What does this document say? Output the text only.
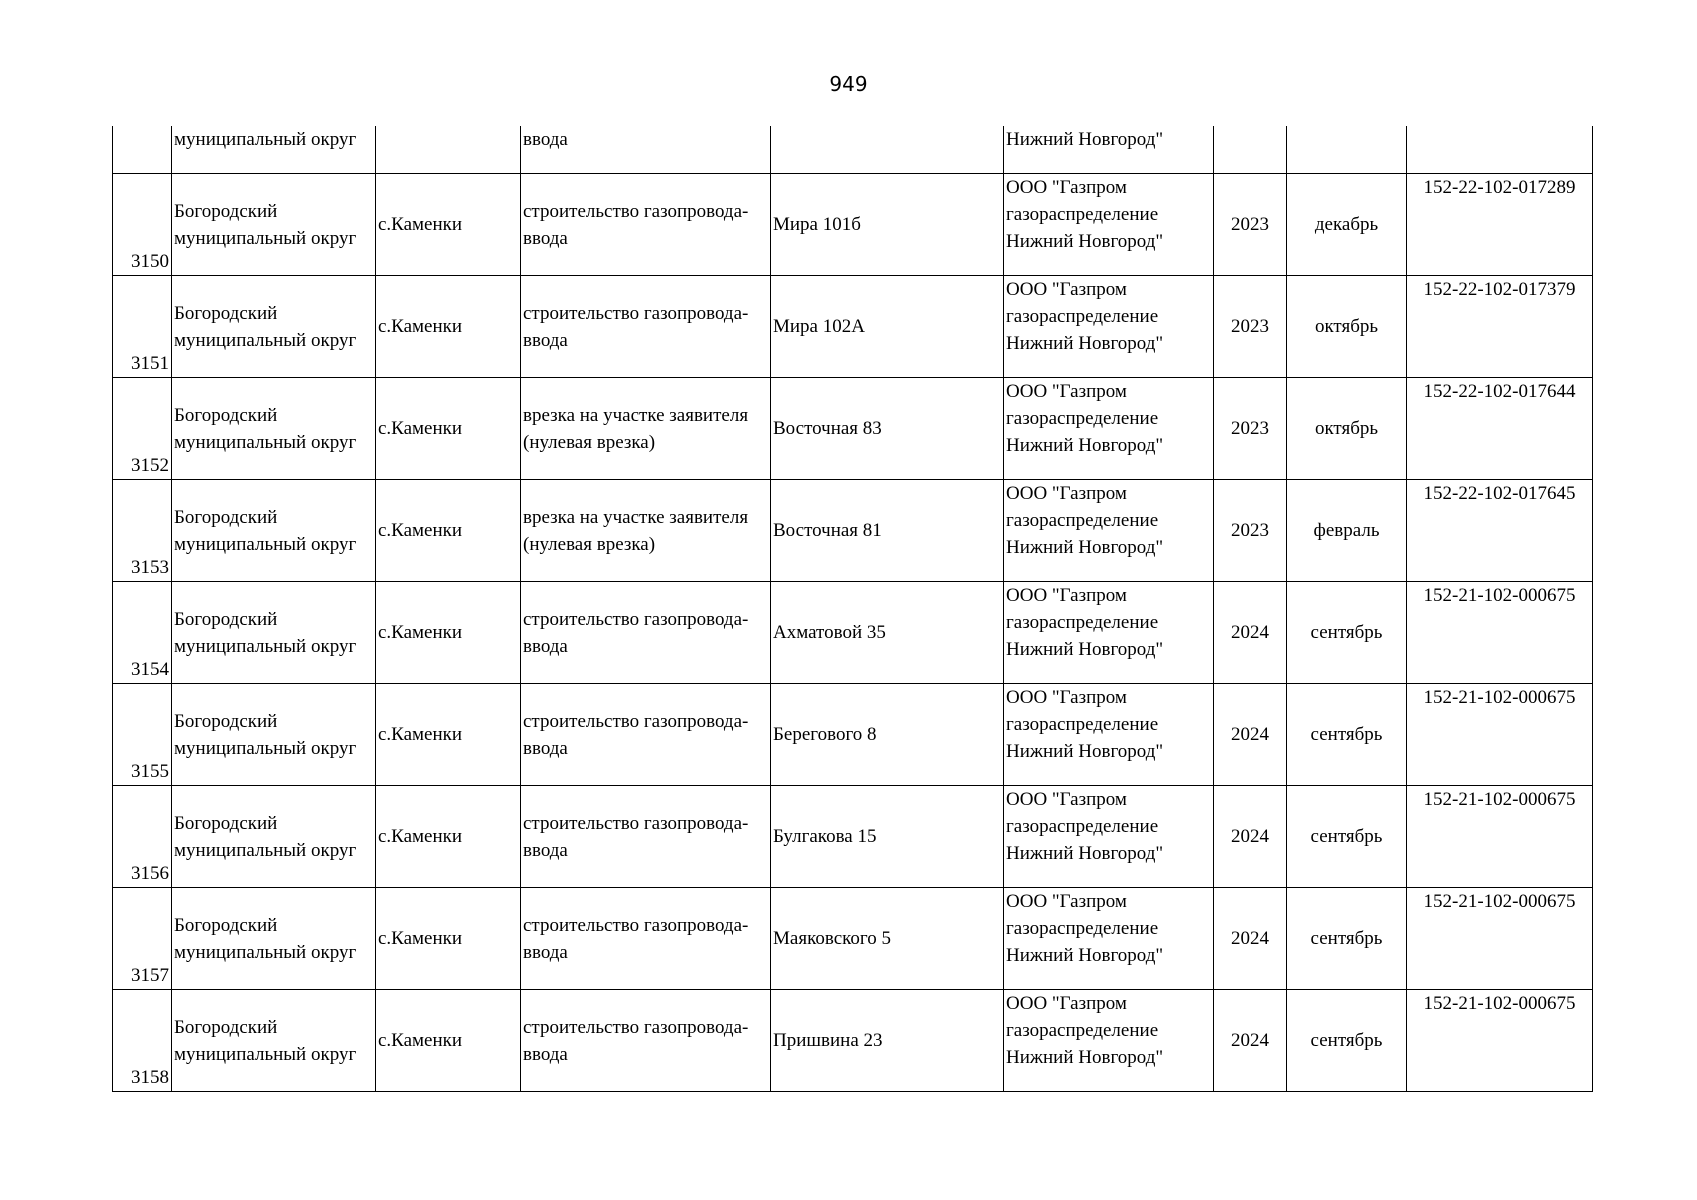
949
	муниципальный округ		ввода		Нижний Новгород"			
3150	Богородский муниципальный округ	с.Каменки	строительство газопровода-ввода	Мира 101б	ООО "Газпром газораспределение Нижний Новгород"	2023	декабрь	152-22-102-017289
3151	Богородский муниципальный округ	с.Каменки	строительство газопровода-ввода	Мира 102А	ООО "Газпром газораспределение Нижний Новгород"	2023	октябрь	152-22-102-017379
3152	Богородский муниципальный округ	с.Каменки	врезка на участке заявителя (нулевая врезка)	Восточная 83	ООО "Газпром газораспределение Нижний Новгород"	2023	октябрь	152-22-102-017644
3153	Богородский муниципальный округ	с.Каменки	врезка на участке заявителя (нулевая врезка)	Восточная 81	ООО "Газпром газораспределение Нижний Новгород"	2023	февраль	152-22-102-017645
3154	Богородский муниципальный округ	с.Каменки	строительство газопровода-ввода	Ахматовой 35	ООО "Газпром газораспределение Нижний Новгород"	2024	сентябрь	152-21-102-000675
3155	Богородский муниципальный округ	с.Каменки	строительство газопровода-ввода	Берегового 8	ООО "Газпром газораспределение Нижний Новгород"	2024	сентябрь	152-21-102-000675
3156	Богородский муниципальный округ	с.Каменки	строительство газопровода-ввода	Булгакова 15	ООО "Газпром газораспределение Нижний Новгород"	2024	сентябрь	152-21-102-000675
3157	Богородский муниципальный округ	с.Каменки	строительство газопровода-ввода	Маяковского 5	ООО "Газпром газораспределение Нижний Новгород"	2024	сентябрь	152-21-102-000675
3158	Богородский муниципальный округ	с.Каменки	строительство газопровода-ввода	Пришвина 23	ООО "Газпром газораспределение Нижний Новгород"	2024	сентябрь	152-21-102-000675
